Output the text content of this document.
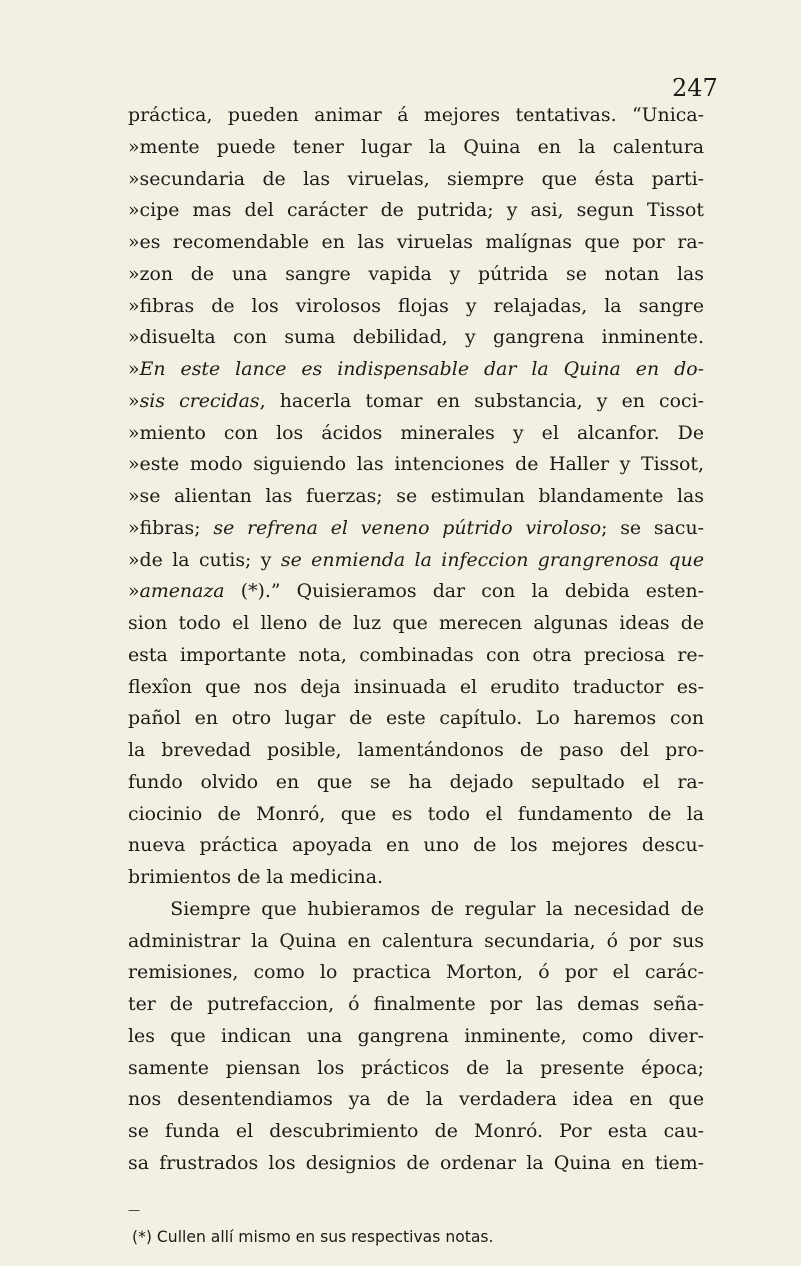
247
práctica, pueden animar á mejores tentativas. “Unica-
»mente puede tener lugar la Quina en la calentura
»secundaria de las viruelas, siempre que ésta parti-
»cipe mas del carácter de putrida; y asi, segun Tissot
»es recomendable en las viruelas malígnas que por ra-
»zon de una sangre vapida y pútrida se notan las
»fibras de los virolosos flojas y relajadas, la sangre
»disuelta con suma debilidad, y gangrena inminente.
»En este lance es indispensable dar la Quina en do-
»sis crecidas, hacerla tomar en substancia, y en coci-
»miento con los ácidos minerales y el alcanfor. De
»este modo siguiendo las intenciones de Haller y Tissot,
»se alientan las fuerzas; se estimulan blandamente las
»fibras; se refrena el veneno pútrido viroloso; se sacu-
»de la cutis; y se enmienda la infeccion grangrenosa que
»amenaza (*).” Quisieramos dar con la debida esten-
sion todo el lleno de luz que merecen algunas ideas de
esta importante nota, combinadas con otra preciosa re-
flexîon que nos deja insinuada el erudito traductor es-
pañol en otro lugar de este capítulo. Lo haremos con
la brevedad posible, lamentándonos de paso del pro-
fundo olvido en que se ha dejado sepultado el ra-
ciocinio de Monró, que es todo el fundamento de la
nueva práctica apoyada en uno de los mejores descu-
brimientos de la medicina.
Siempre que hubieramos de regular la necesidad de
administrar la Quina en calentura secundaria, ó por sus
remisiones, como lo practica Morton, ó por el carác-
ter de putrefaccion, ó finalmente por las demas seña-
les que indican una gangrena inminente, como diver-
samente piensan los prácticos de la presente época;
nos desentendiamos ya de la verdadera idea en que
se funda el descubrimiento de Monró. Por esta cau-
sa frustrados los designios de ordenar la Quina en tiem-
—
(*) Cullen allí mismo en sus respectivas notas.
